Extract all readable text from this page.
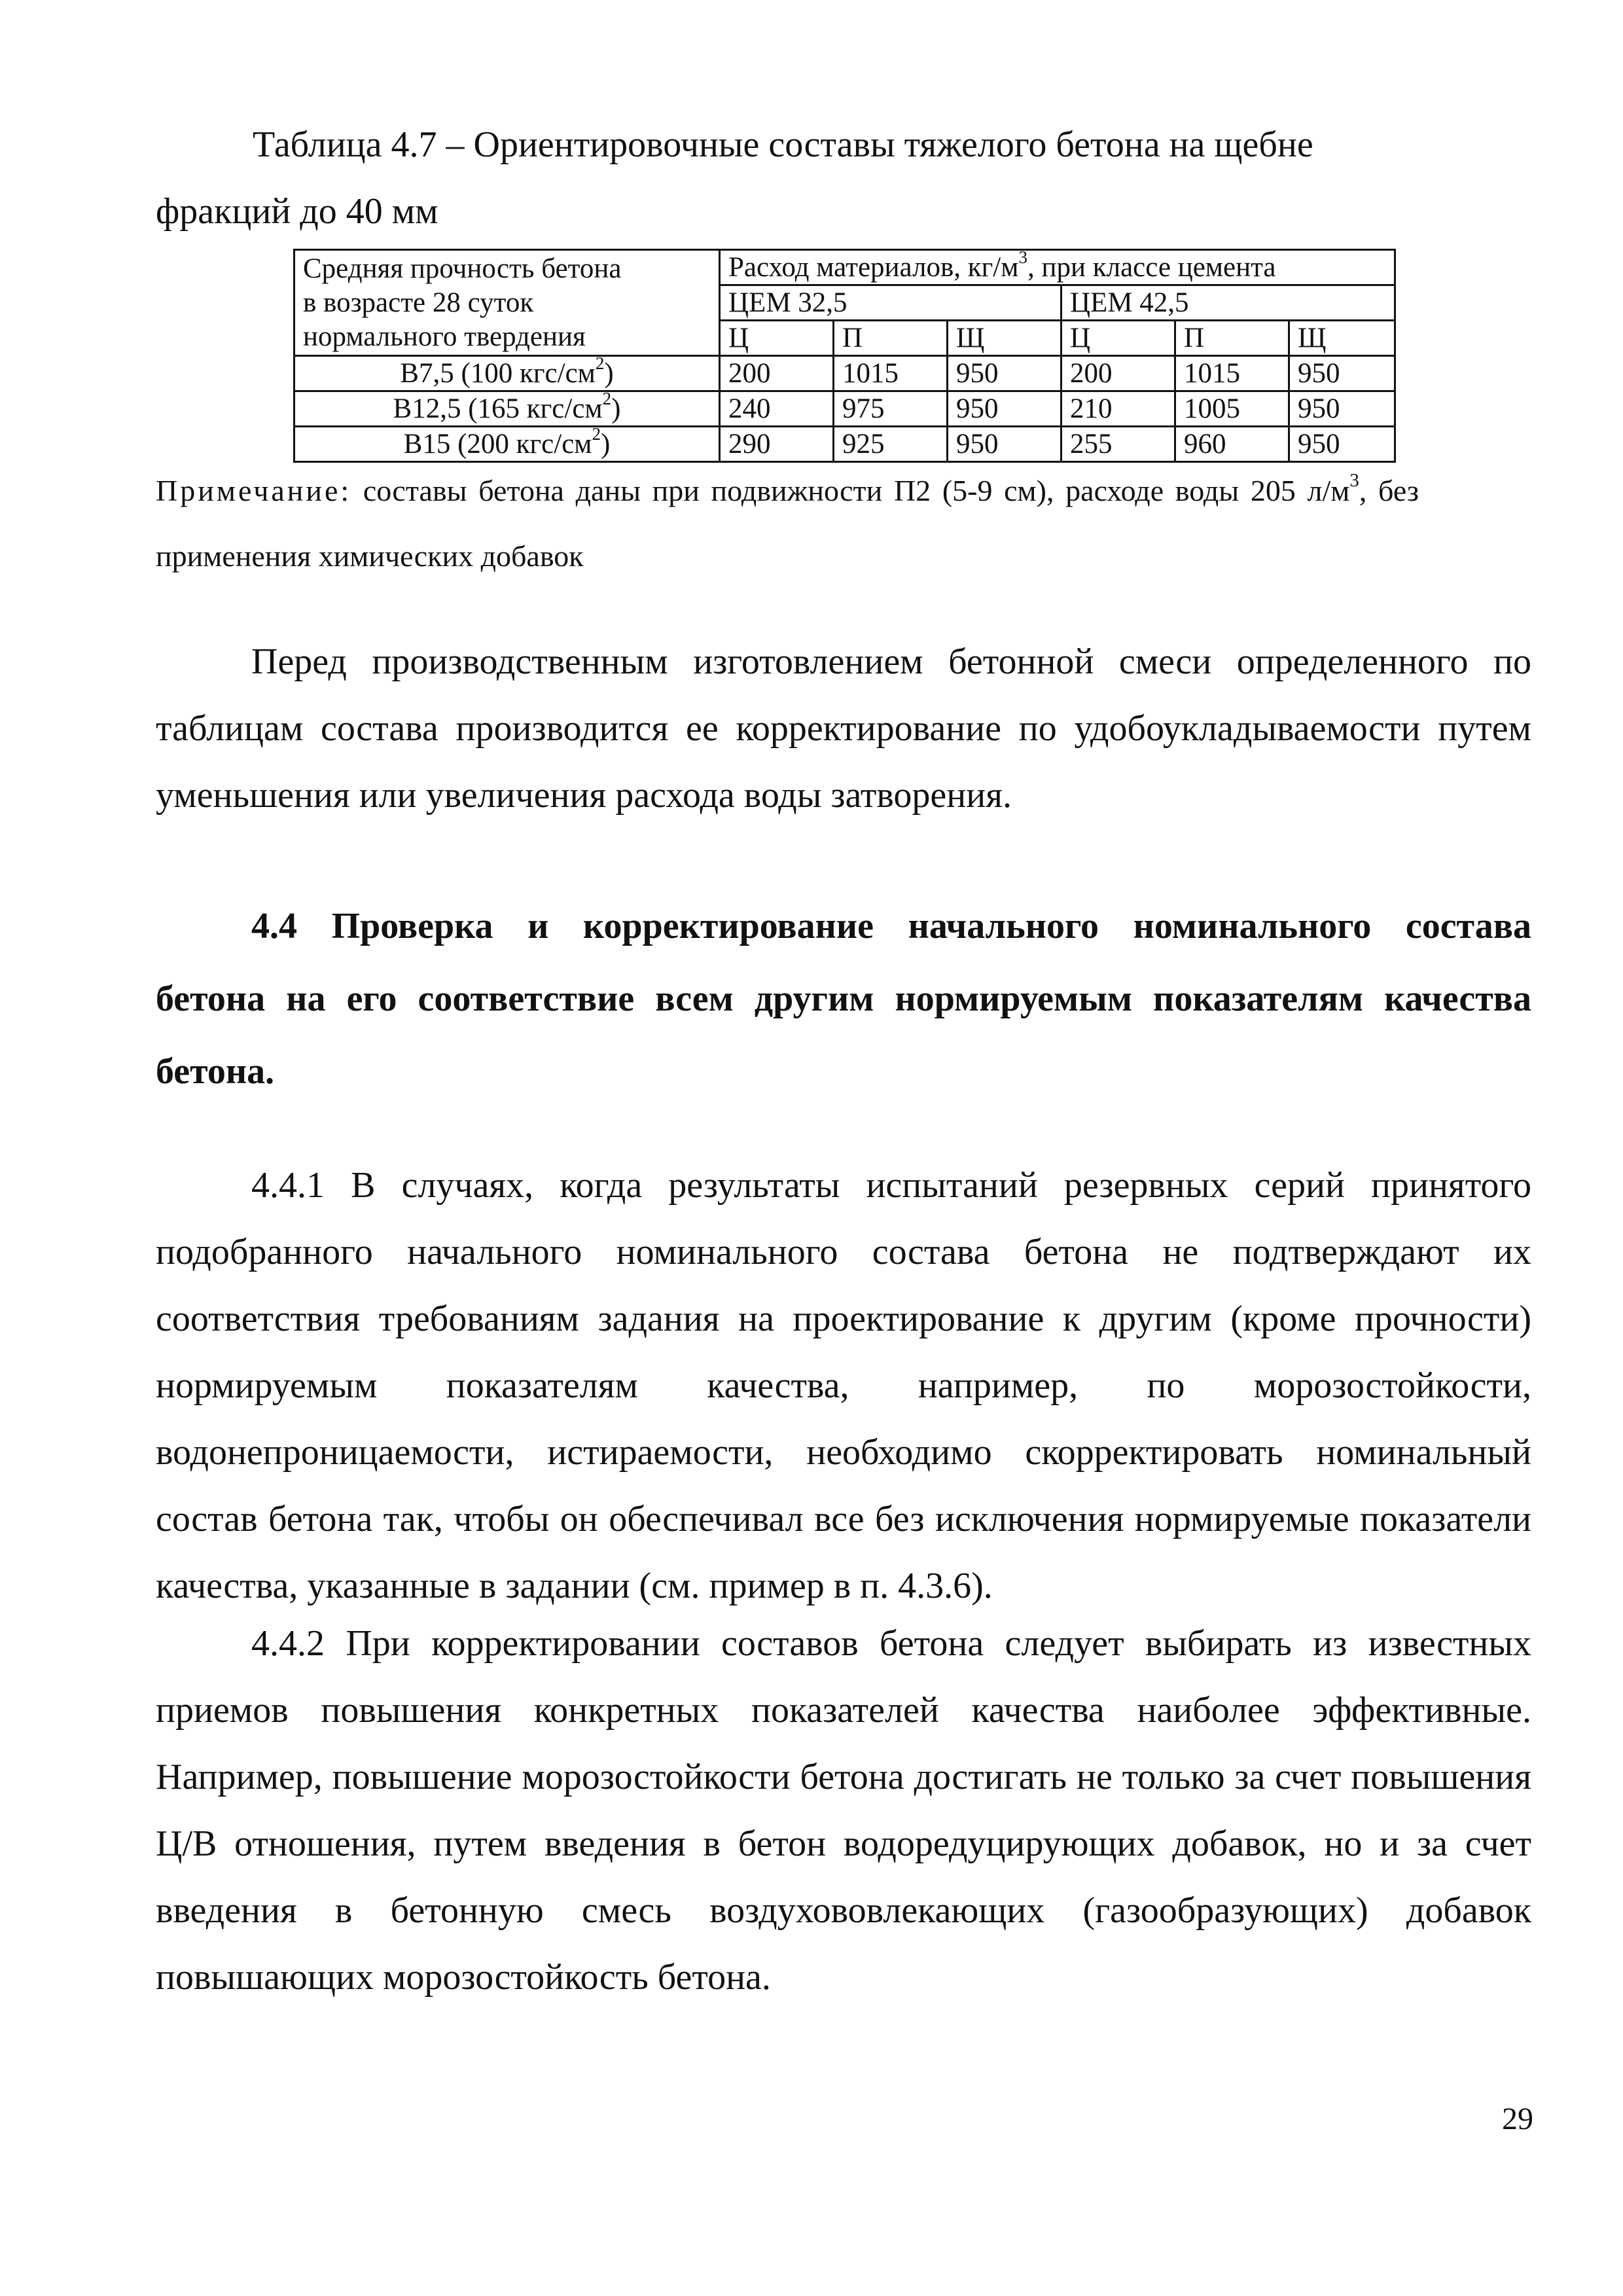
Таблица 4.7 – Ориентировочные составы тяжелого бетона на щебне
фракций до 40 мм
Средняя прочность бетона
в возрасте 28 суток
нормального твердения	Расход материалов, $кг/м^3$, при классе цемента					
	ЦЕМ 32,5			ЦЕМ 42,5		
	Ц	П	Щ	Ц	П	Щ
В7,5 (100 кгс/$см^2$)	200	1015	950	200	1015	950
В12,5 (165 кгс/$см^2$)	240	975	950	210	1005	950
В15 (200 кгс/$см^2$)	290	925	950	255	960	950
Примечание: составы бетона даны при подвижности П2 (5-9 см), расходе воды 205 $л/м^3$, без применения химических добавок

Перед производственным изготовлением бетонной смеси определенного по таблицам состава производится ее корректирование по удобоукладываемости путем уменьшения или увеличения расхода воды затворения.

4.4 Проверка и корректирование начального номинального состава бетона на его соответствие всем другим нормируемым показателям качества бетона.

4.4.1 В случаях, когда результаты испытаний резервных серий принятого подобранного начального номинального состава бетона не подтверждают их соответствия требованиям задания на проектирование к другим (кроме прочности) нормируемым показателям качества, например, по морозостойкости, водонепроницаемости, истираемости, необходимо скорректировать номинальный состав бетона так, чтобы он обеспечивал все без исключения нормируемые показатели качества, указанные в задании (см. пример в п. 4.3.6).

4.4.2 При корректировании составов бетона следует выбирать из известных приемов повышения конкретных показателей качества наиболее эффективные. Например, повышение морозостойкости бетона достигать не только за счет повышения Ц/В отношения, путем введения в бетон водоредуцирующих добавок, но и за счет введения в бетонную смесь воздухововлекающих (газообразующих) добавок повышающих морозостойкость бетона.

29
